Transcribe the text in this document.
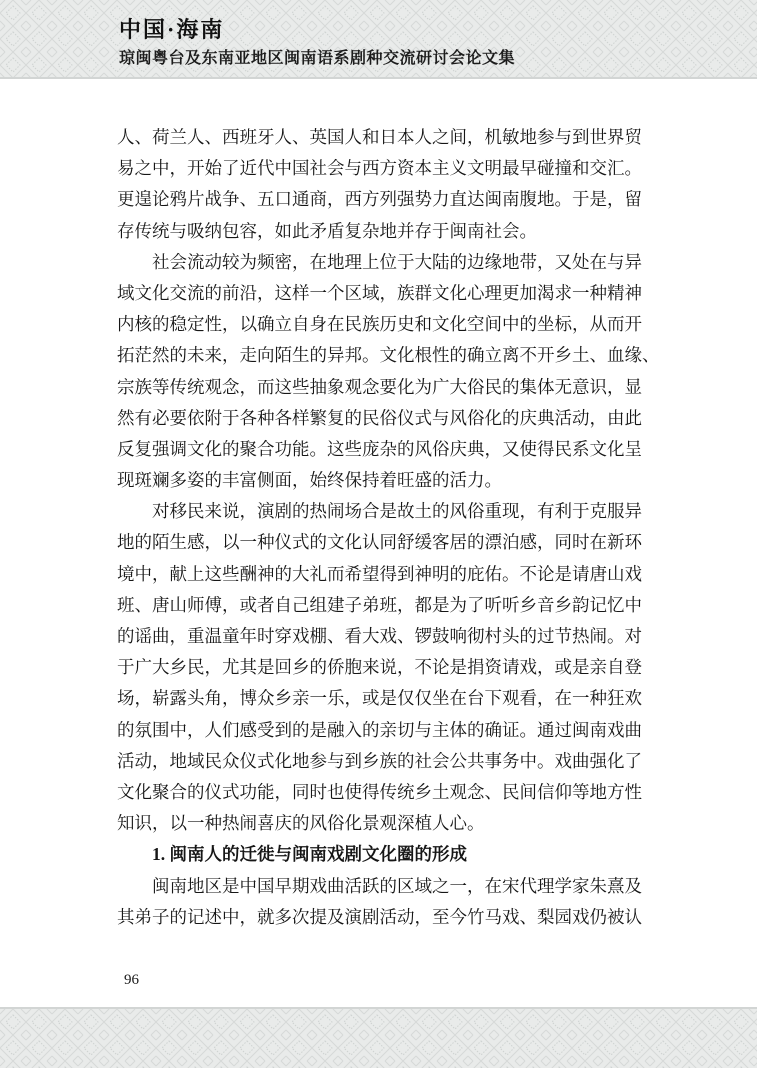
中国·海南
琼闽粤台及东南亚地区闽南语系剧种交流研讨会论文集
人、荷兰人、西班牙人、英国人和日本人之间，机敏地参与到世界贸
易之中，开始了近代中国社会与西方资本主义文明最早碰撞和交汇。
更遑论鸦片战争、五口通商，西方列强势力直达闽南腹地。于是，留
存传统与吸纳包容，如此矛盾复杂地并存于闽南社会。
社会流动较为频密，在地理上位于大陆的边缘地带，又处在与异
域文化交流的前沿，这样一个区域，族群文化心理更加渴求一种精神
内核的稳定性，以确立自身在民族历史和文化空间中的坐标，从而开
拓茫然的未来，走向陌生的异邦。文化根性的确立离不开乡土、血缘、
宗族等传统观念，而这些抽象观念要化为广大俗民的集体无意识，显
然有必要依附于各种各样繁复的民俗仪式与风俗化的庆典活动，由此
反复强调文化的聚合功能。这些庞杂的风俗庆典，又使得民系文化呈
现斑斓多姿的丰富侧面，始终保持着旺盛的活力。
对移民来说，演剧的热闹场合是故土的风俗重现，有利于克服异
地的陌生感，以一种仪式的文化认同舒缓客居的漂泊感，同时在新环
境中，献上这些酬神的大礼而希望得到神明的庇佑。不论是请唐山戏
班、唐山师傅，或者自己组建子弟班，都是为了听听乡音乡韵记忆中
的谣曲，重温童年时穿戏棚、看大戏、锣鼓响彻村头的过节热闹。对
于广大乡民，尤其是回乡的侨胞来说，不论是捐资请戏，或是亲自登
场，崭露头角，博众乡亲一乐，或是仅仅坐在台下观看，在一种狂欢
的氛围中，人们感受到的是融入的亲切与主体的确证。通过闽南戏曲
活动，地域民众仪式化地参与到乡族的社会公共事务中。戏曲强化了
文化聚合的仪式功能，同时也使得传统乡土观念、民间信仰等地方性
知识，以一种热闹喜庆的风俗化景观深植人心。
1. 闽南人的迁徙与闽南戏剧文化圈的形成
闽南地区是中国早期戏曲活跃的区域之一，在宋代理学家朱熹及
其弟子的记述中，就多次提及演剧活动，至今竹马戏、梨园戏仍被认
96
